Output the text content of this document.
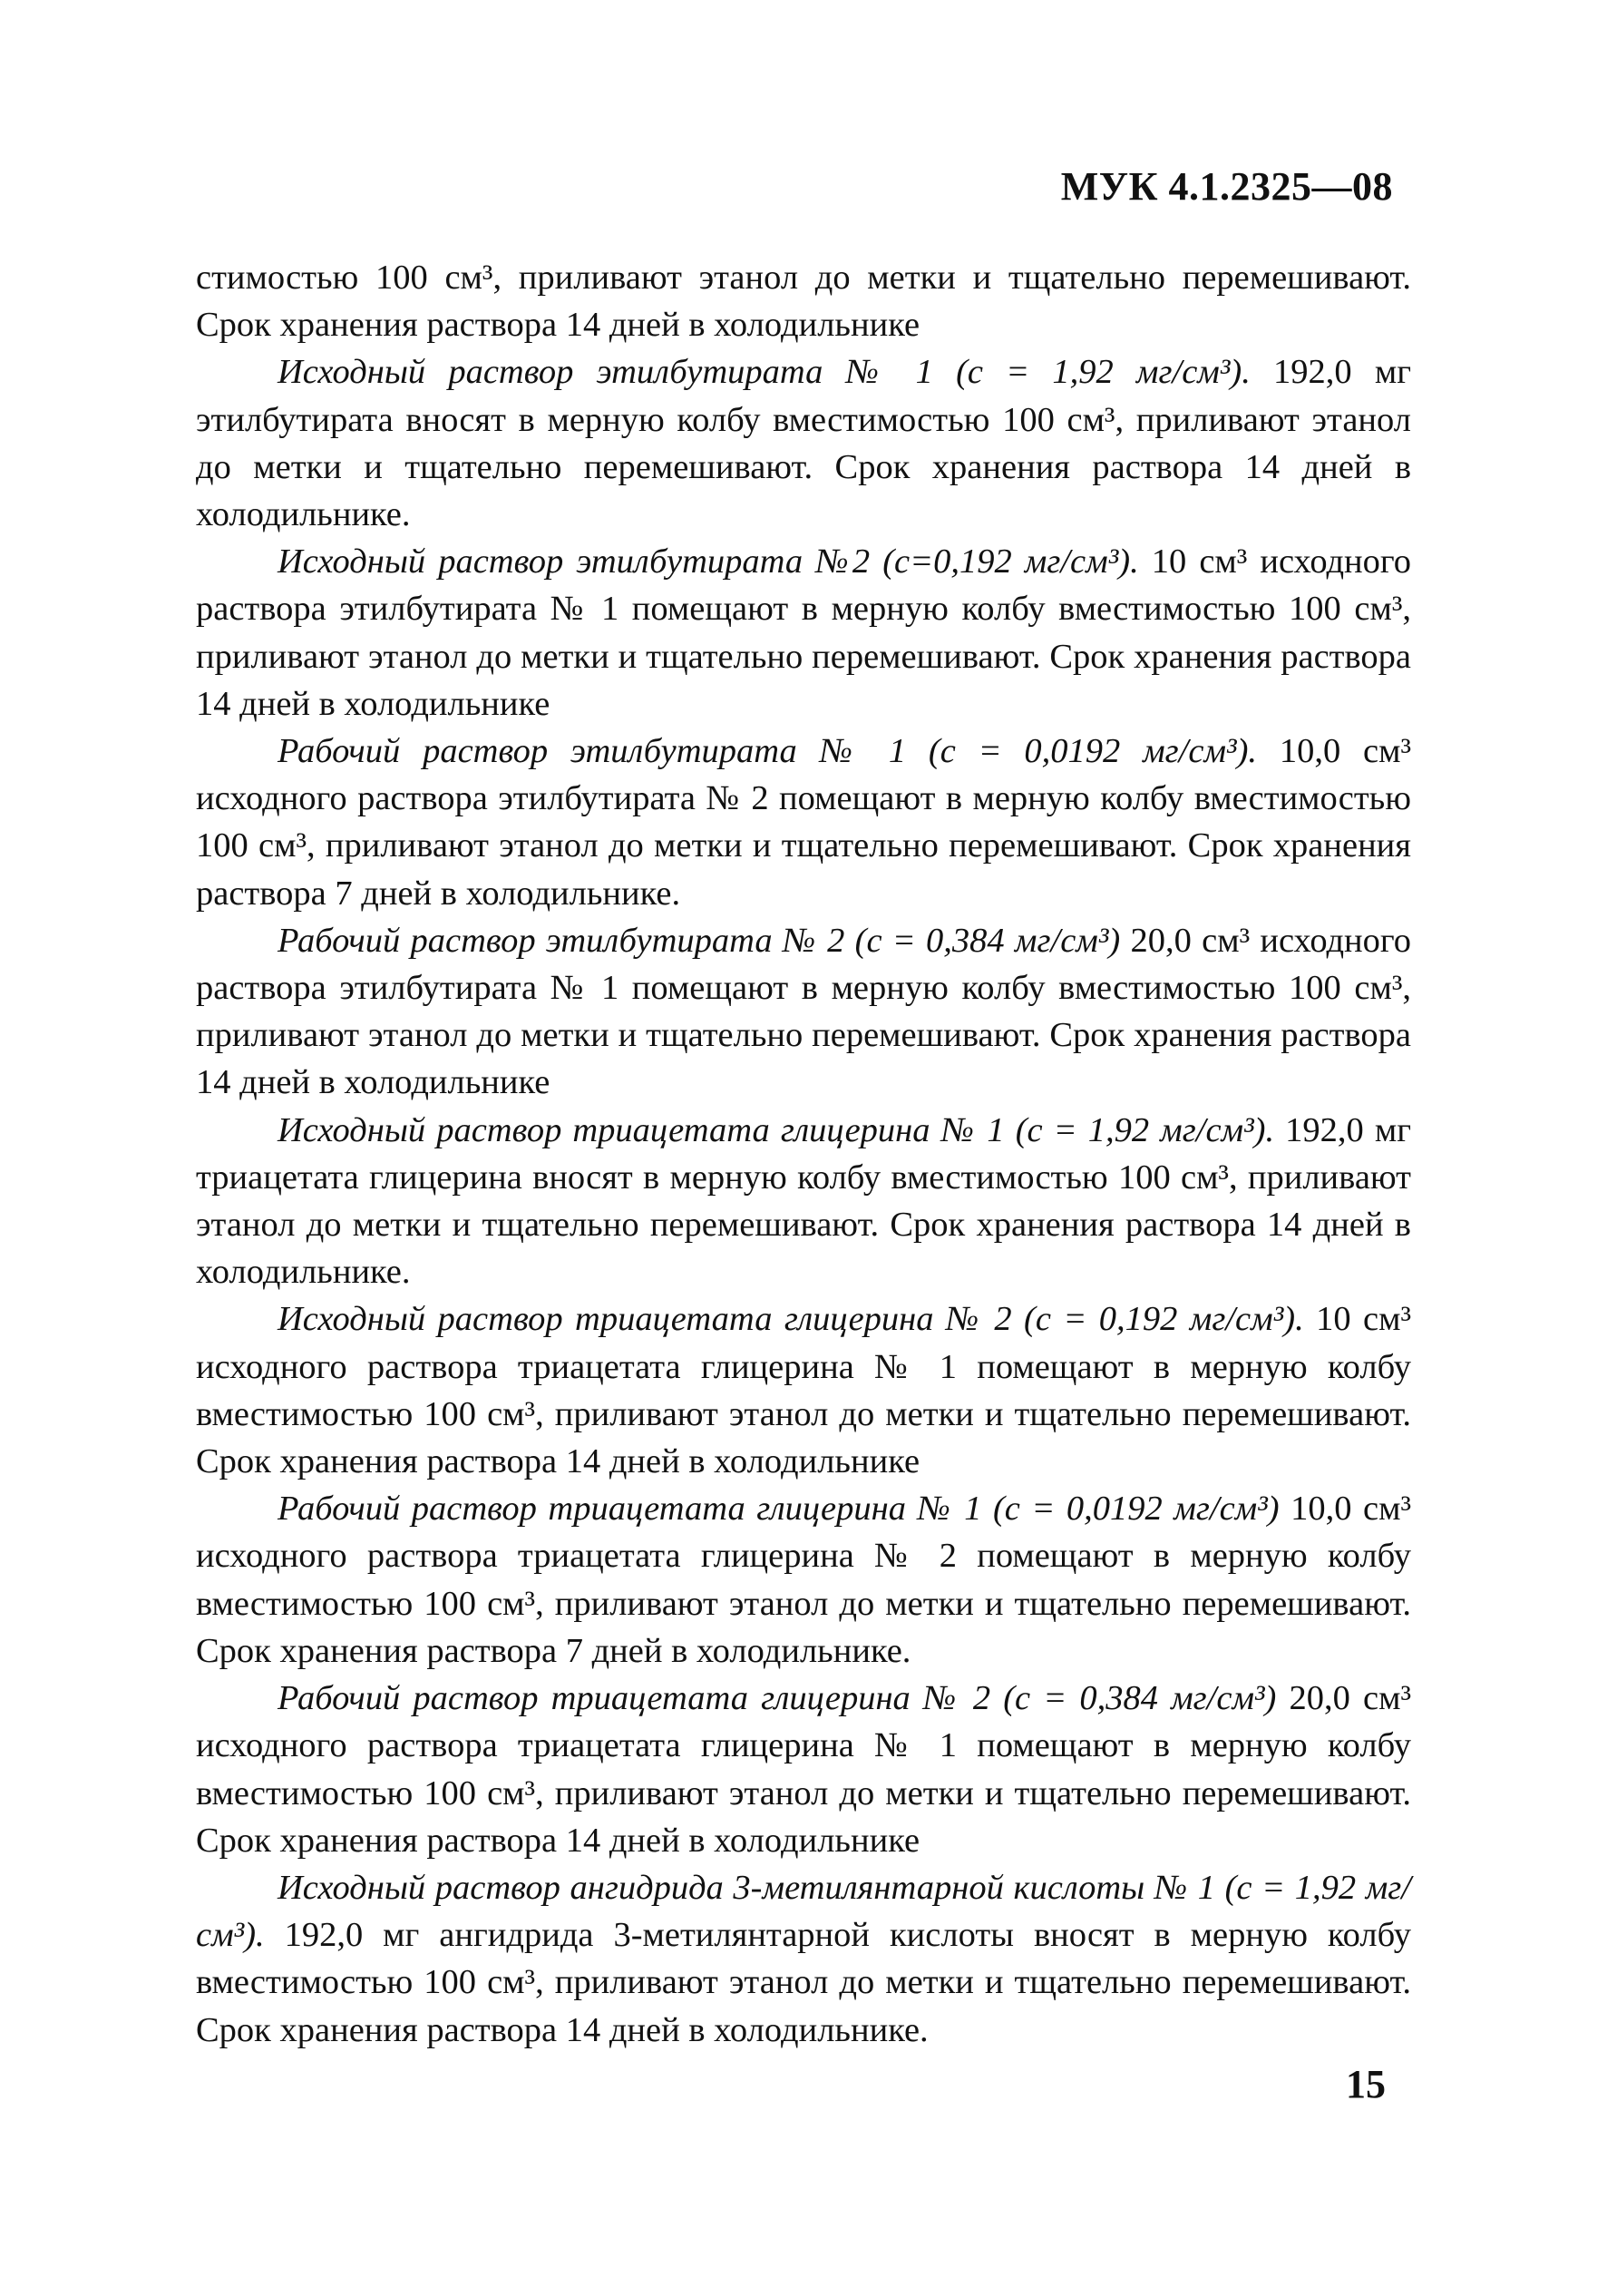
МУК 4.1.2325—08

стимостью 100 см³, приливают этанол до метки и тщательно перемешивают. Срок хранения раствора 14 дней в холодильнике

Исходный раствор этилбутирата № 1 (с = 1,92 мг/см³). 192,0 мг этилбутирата вносят в мерную колбу вместимостью 100 см³, приливают этанол до метки и тщательно перемешивают. Срок хранения раствора 14 дней в холодильнике.

Исходный раствор этилбутирата №2 (с=0,192 мг/см³). 10 см³ исходного раствора этилбутирата № 1 помещают в мерную колбу вместимостью 100 см³, приливают этанол до метки и тщательно перемешивают. Срок хранения раствора 14 дней в холодильнике

Рабочий раствор этилбутирата № 1 (с = 0,0192 мг/см³). 10,0 см³ исходного раствора этилбутирата № 2 помещают в мерную колбу вместимостью 100 см³, приливают этанол до метки и тщательно перемешивают. Срок хранения раствора 7 дней в холодильнике.

Рабочий раствор этилбутирата № 2 (с = 0,384 мг/см³) 20,0 см³ исходного раствора этилбутирата № 1 помещают в мерную колбу вместимостью 100 см³, приливают этанол до метки и тщательно перемешивают. Срок хранения раствора 14 дней в холодильнике

Исходный раствор триацетата глицерина № 1 (с = 1,92 мг/см³). 192,0 мг триацетата глицерина вносят в мерную колбу вместимостью 100 см³, приливают этанол до метки и тщательно перемешивают. Срок хранения раствора 14 дней в холодильнике.

Исходный раствор триацетата глицерина № 2 (с = 0,192 мг/см³). 10 см³ исходного раствора триацетата глицерина № 1 помещают в мерную колбу вместимостью 100 см³, приливают этанол до метки и тщательно перемешивают. Срок хранения раствора 14 дней в холодильнике

Рабочий раствор триацетата глицерина № 1 (с = 0,0192 мг/см³) 10,0 см³ исходного раствора триацетата глицерина № 2 помещают в мерную колбу вместимостью 100 см³, приливают этанол до метки и тщательно перемешивают. Срок хранения раствора 7 дней в холодильнике.

Рабочий раствор триацетата глицерина № 2 (с = 0,384 мг/см³) 20,0 см³ исходного раствора триацетата глицерина № 1 помещают в мерную колбу вместимостью 100 см³, приливают этанол до метки и тщательно перемешивают. Срок хранения раствора 14 дней в холодильнике

Исходный раствор ангидрида 3-метилянтарной кислоты № 1 (с = 1,92 мг/см³). 192,0 мг ангидрида 3-метилянтарной кислоты вносят в мерную колбу вместимостью 100 см³, приливают этанол до метки и тщательно перемешивают. Срок хранения раствора 14 дней в холодильнике.

15
